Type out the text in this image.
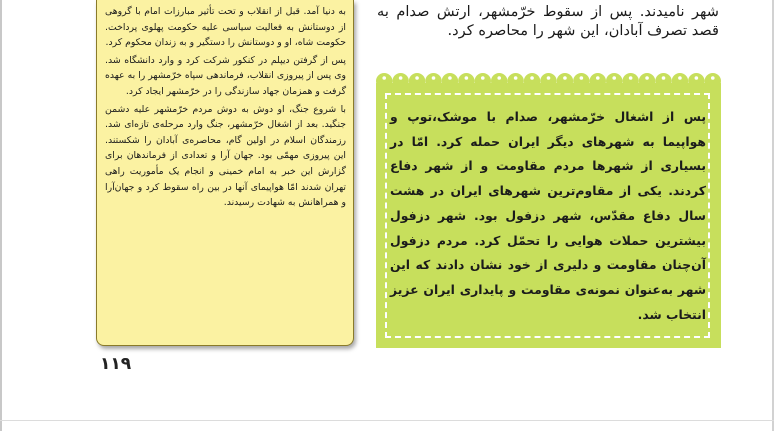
به دنیا آمد. قبل از انقلاب و تحت تأثیر مبارزات امام با گروهی از دوستانش به فعالیت سیاسی علیه حکومت پهلوی پرداخت. حکومت شاه، او و دوستانش را دستگیر و به زندان محکوم کرد.

پس از گرفتن دیپلم در کنکور شرکت کرد و وارد دانشگاه شد. وی پس از پیروزی انقلاب، فرماندهی سپاه خرّمشهر را به عهده گرفت و همزمان جهاد سازندگی را در خرّمشهر ایجاد کرد.

با شروع جنگ، او دوش به دوش مردم خرّمشهر علیه دشمن جنگید. بعد از اشغال خرّمشهر، جنگ وارد مرحله‌ی تازه‌ای شد. رزمندگان اسلام در اولین گام، محاصره‌ی آبادان را شکستند. این پیروزی مهمّی بود. جهان آرا و تعدادی از فرماندهان برای گزارش این خبر به امام خمینی و انجام یک مأموریت راهی تهران شدند امّا هواپیمای آنها در بین راه سقوط کرد و جهان‌آرا و همراهانش به شهادت رسیدند.

۱۱۹
شهر نامیدند. پس از سقوط خرّمشهر، ارتش صدام به قصد تصرف آبادان، این شهر را محاصره کرد.
پس از اشغال خرّمشهر، صدام با موشک،توپ و هواپیما به شهرهای دیگر ایران حمله کرد. امّا در بسیاری از شهرها مردم مقاومت و از شهر دفاع کردند. یکی از مقاوم‌ترین شهرهای ایران در هشت سال دفاع مقدّس، شهر دزفول بود. شهر دزفول بیشترین حملات هوایی را تحمّل کرد. مردم دزفول آن‌چنان مقاومت و دلیری از خود نشان دادند که این شهر به‌عنوان نمونه‌ی مقاومت و پایداری ایران عزیز انتخاب شد.
